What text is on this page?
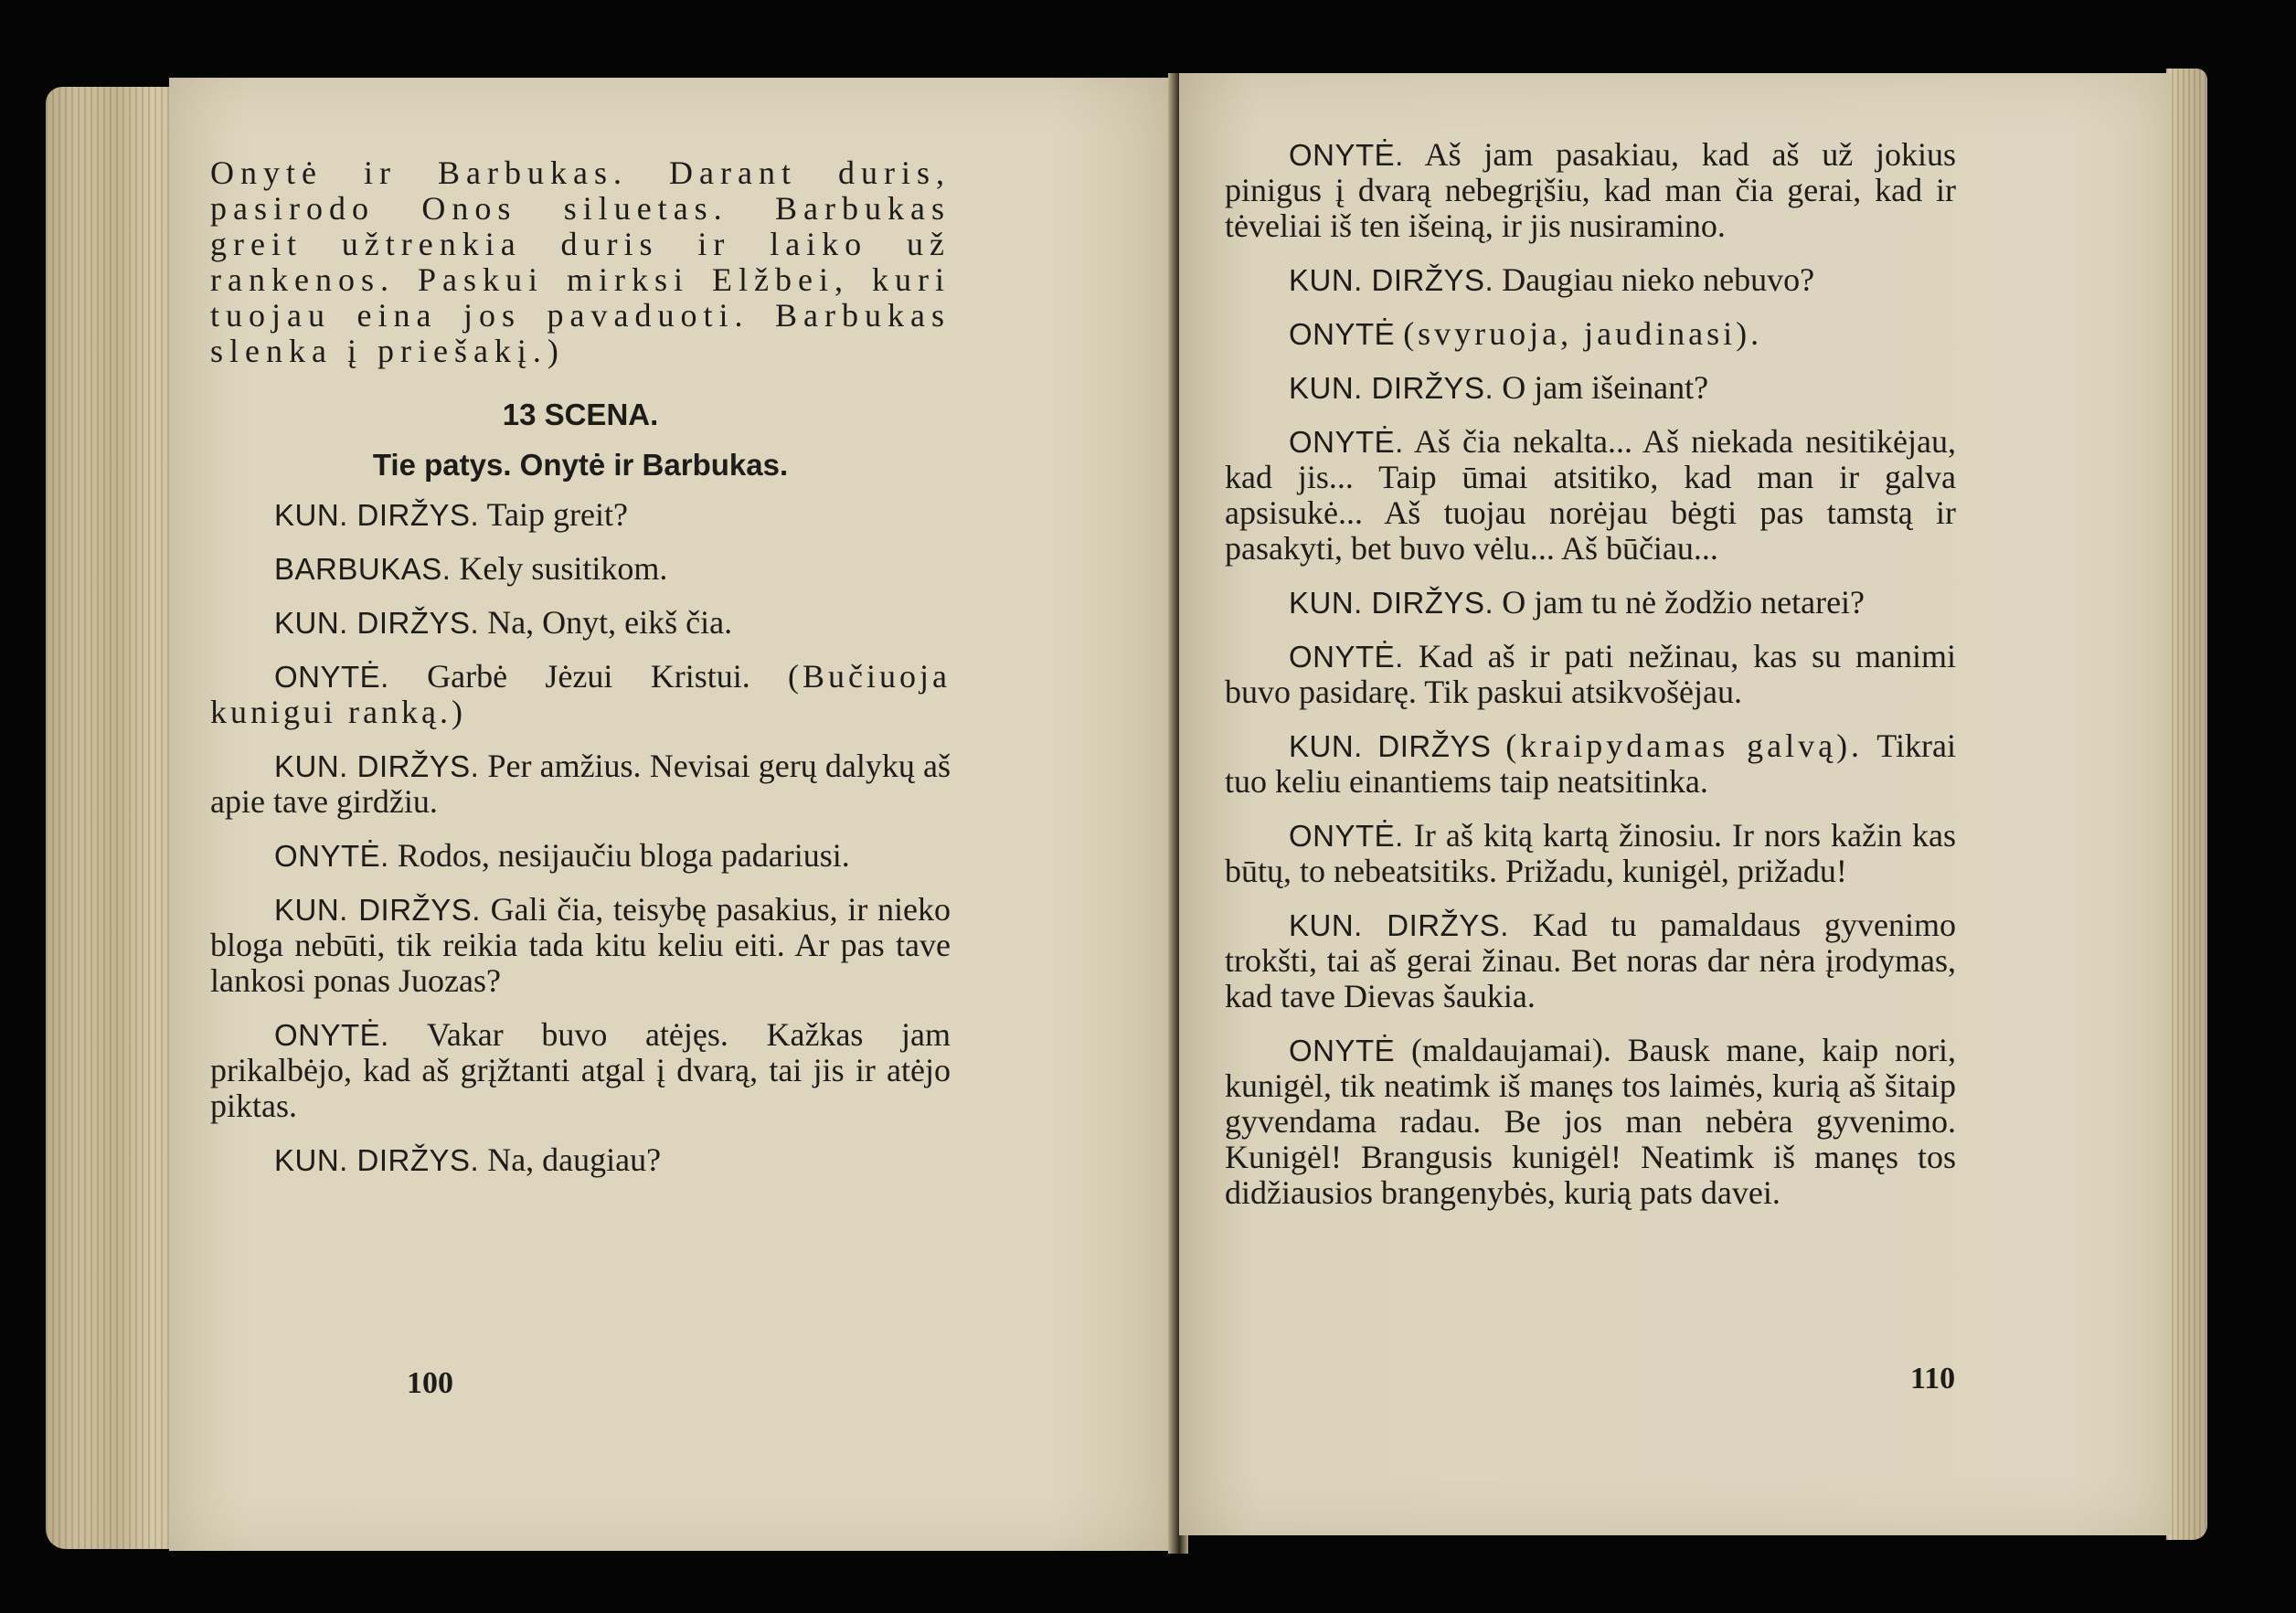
Onytė ir Barbukas. Darant duris, pasirodo Onos siluetas. Barbukas greit užtrenkia duris ir laiko už rankenos. Paskui mirksi Elžbei, kuri tuojau eina jos pavaduoti. Barbukas slenka į priešakį.)

13 SCENA.

Tie patys. Onytė ir Barbukas.

KUN. DIRŽYS. Taip greit?

BARBUKAS. Kely susitikom.

KUN. DIRŽYS. Na, Onyt, eikš čia.

ONYTĖ. Garbė Jėzui Kristui. (Bučiuoja kunigui ranką.)

KUN. DIRŽYS. Per amžius. Nevisai gerų dalykų aš apie tave girdžiu.

ONYTĖ. Rodos, nesijaučiu bloga padariusi.

KUN. DIRŽYS. Gali čia, teisybę pasakius, ir nieko bloga nebūti, tik reikia tada kitu keliu eiti. Ar pas tave lankosi ponas Juozas?

ONYTĖ. Vakar buvo atėjęs. Kažkas jam prikalbėjo, kad aš grįžtanti atgal į dvarą, tai jis ir atėjo piktas.

KUN. DIRŽYS. Na, daugiau?

100

ONYTĖ. Aš jam pasakiau, kad aš už jokius pinigus į dvarą nebegrįšiu, kad man čia gerai, kad ir tėveliai iš ten išeiną, ir jis nusiramino.

KUN. DIRŽYS. Daugiau nieko nebuvo?

ONYTĖ (svyruoja, jaudinasi).

KUN. DIRŽYS. O jam išeinant?

ONYTĖ. Aš čia nekalta... Aš niekada nesitikėjau, kad jis... Taip ūmai atsitiko, kad man ir galva apsisukė... Aš tuojau norėjau bėgti pas tamstą ir pasakyti, bet buvo vėlu... Aš būčiau...

KUN. DIRŽYS. O jam tu nė žodžio netarei?

ONYTĖ. Kad aš ir pati nežinau, kas su manimi buvo pasidarę. Tik paskui atsikvošėjau.

KUN. DIRŽYS (kraipydamas galvą). Tikrai tuo keliu einantiems taip neatsitinka.

ONYTĖ. Ir aš kitą kartą žinosiu. Ir nors kažin kas būtų, to nebeatsitiks. Prižadu, kunigėl, prižadu!

KUN. DIRŽYS. Kad tu pamaldaus gyvenimo trokšti, tai aš gerai žinau. Bet noras dar nėra įrodymas, kad tave Dievas šaukia.

ONYTĖ (maldaujamai). Bausk mane, kaip nori, kunigėl, tik neatimk iš manęs tos laimės, kurią aš šitaip gyvendama radau. Be jos man nebėra gyvenimo. Kunigėl! Brangusis kunigėl! Neatimk iš manęs tos didžiausios brangenybės, kurią pats davei.

110
